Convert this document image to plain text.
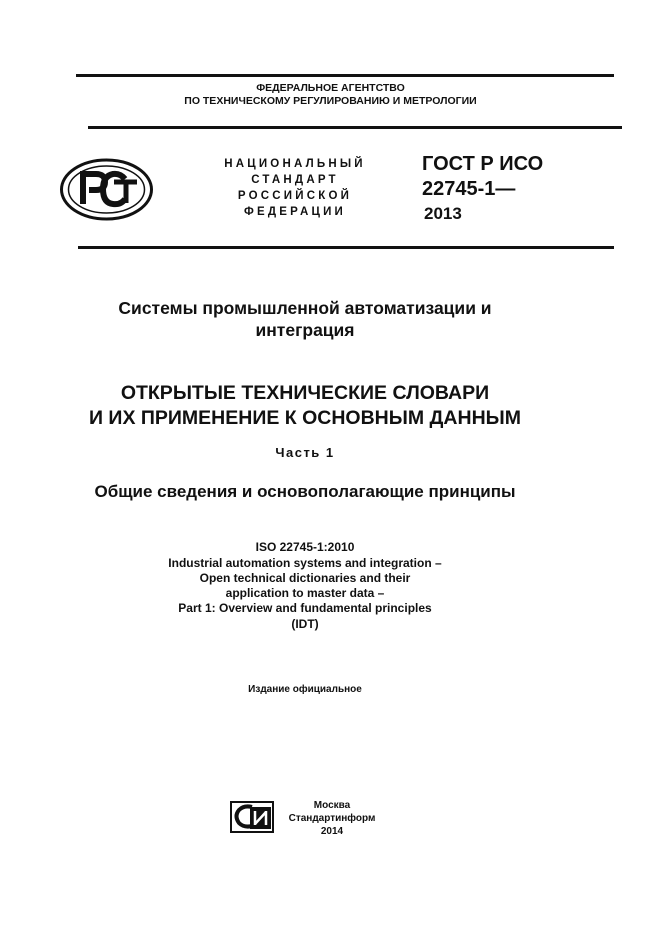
ФЕДЕРАЛЬНОЕ АГЕНТСТВО
ПО ТЕХНИЧЕСКОМУ РЕГУЛИРОВАНИЮ И МЕТРОЛОГИИ
НАЦИОНАЛЬНЫЙ
СТАНДАРТ
РОССИЙСКОЙ
ФЕДЕРАЦИИ
ГОСТ Р ИСО
22745-1—
2013
Системы промышленной автоматизации и
интеграция
ОТКРЫТЫЕ ТЕХНИЧЕСКИЕ СЛОВАРИ
И ИХ ПРИМЕНЕНИЕ К ОСНОВНЫМ ДАННЫМ
Часть 1
Общие сведения и основополагающие принципы
ISO 22745-1:2010
Industrial automation systems and integration –
Open technical dictionaries and their
application to master data –
Part 1: Overview and fundamental principles
(IDT)
Издание официальное
Москва
Стандартинформ
2014
